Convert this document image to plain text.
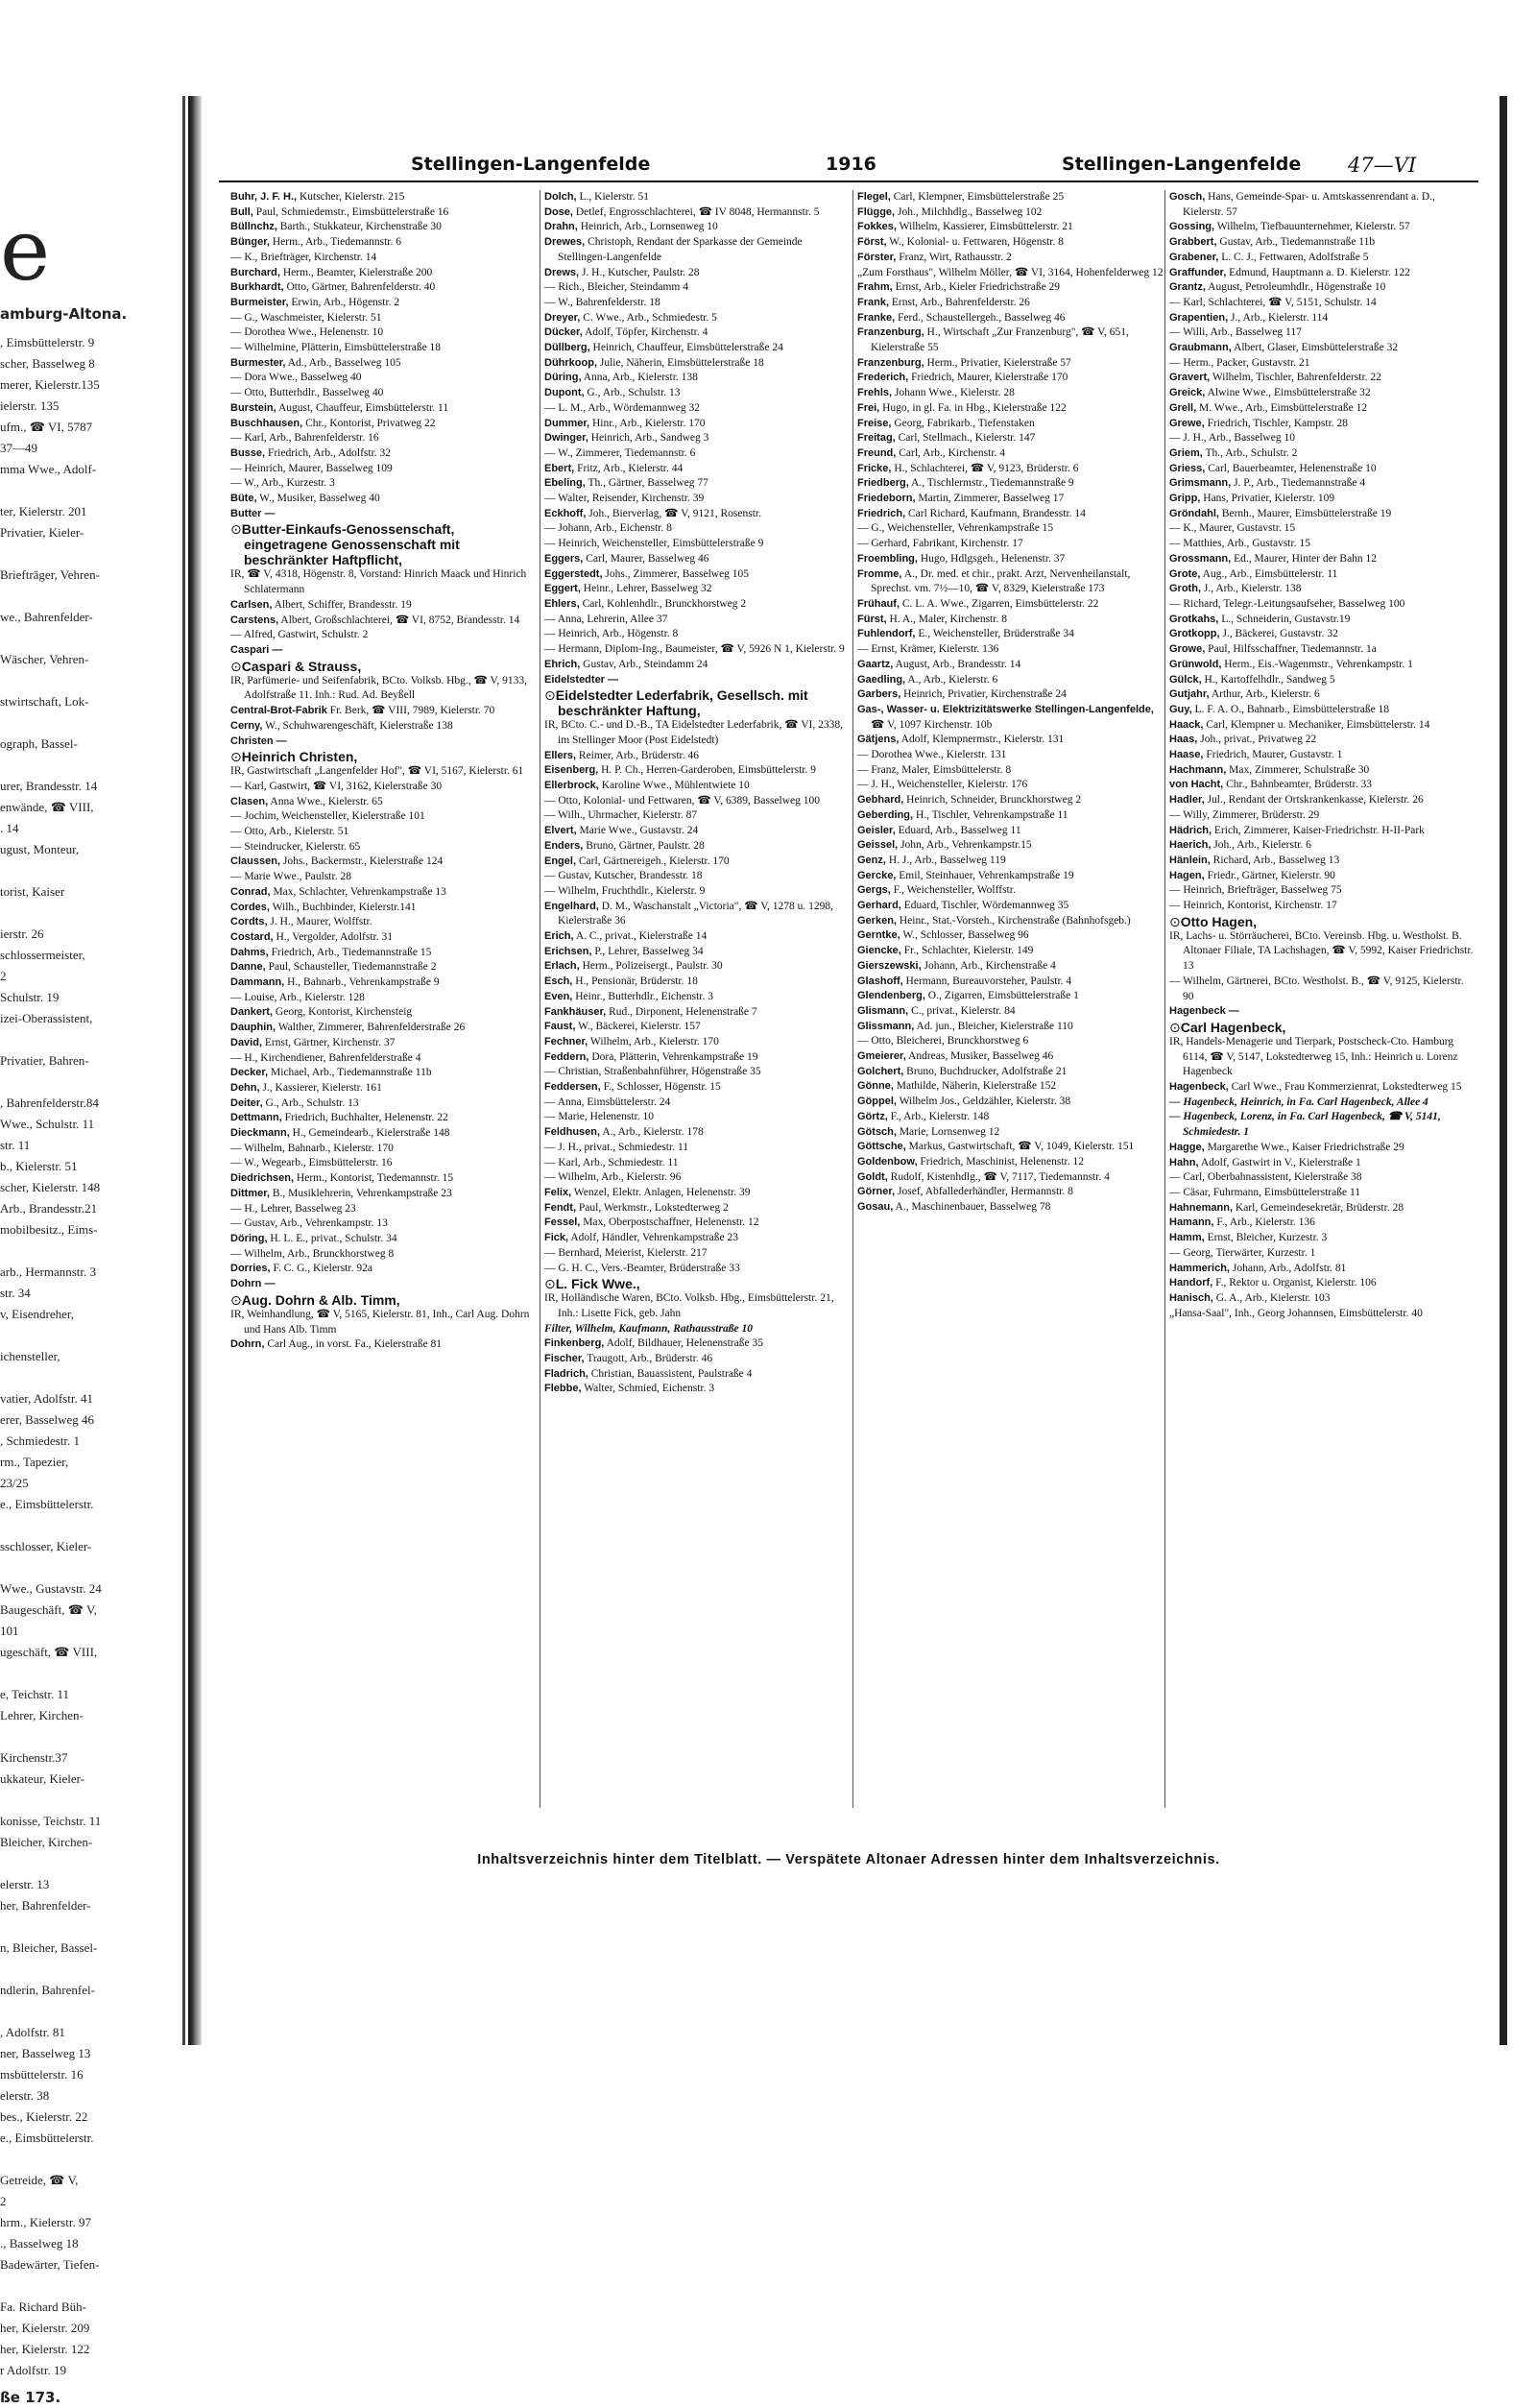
e
amburg-Altona.
, Eimsbüttelerstr. 9
scher, Basselweg 8
merer, Kielerstr.135
ielerstr. 135
ufm., ☎ VI, 5787
37—49
mma Wwe., Adolf-

ter, Kielerstr. 201
Privatier, Kieler-

Briefträger, Vehren-

we., Bahrenfelder-

Wäscher, Vehren-

stwirtschaft, Lok-

ograph, Bassel-

urer, Brandesstr. 14
enwände, ☎ VIII,
. 14
ugust, Monteur,

torist, Kaiser

ierstr. 26
schlossermeister,
2
Schulstr. 19
izei-Oberassistent,

Privatier, Bahren-

, Bahrenfelderstr.84
Wwe., Schulstr. 11
str. 11
b., Kielerstr. 51
scher, Kielerstr. 148
Arb., Brandesstr.21
mobilbesitz., Eims-

arb., Hermannstr. 3
str. 34
v, Eisendreher,

ichensteller,

vatier, Adolfstr. 41
erer, Basselweg 46
, Schmiedestr. 1
rm., Tapezier,
23/25
e., Eimsbüttelerstr.

sschlosser, Kieler-

Wwe., Gustavstr. 24
Baugeschäft, ☎ V,
101
ugeschäft, ☎ VIII,

e, Teichstr. 11
Lehrer, Kirchen-

Kirchenstr.37
ukkateur, Kieler-

konisse, Teichstr. 11
Bleicher, Kirchen-

elerstr. 13
her, Bahrenfelder-

n, Bleicher, Bassel-

ndlerin, Bahrenfel-

, Adolfstr. 81
ner, Basselweg 13
msbüttelerstr. 16
elerstr. 38
bes., Kielerstr. 22
e., Eimsbüttelerstr.

Getreide, ☎ V,
2
hrm., Kielerstr. 97
., Basselweg 18
Badewärter, Tiefen-

Fa. Richard Büh-
her, Kielerstr. 209
her, Kielerstr. 122
r Adolfstr. 19
ße 173.
Stellingen-Langenfelde	1916	Stellingen-Langenfelde 47—VI
Buhr, J. F. H., Kutscher, Kielerstr. 215
Bull, Paul, Schmiedemstr., Eimsbüttelerstraße 16
Büllnchz, Barth., Stukkateur, Kirchenstraße 30
Bünger, Herm., Arb., Tiedemannstr. 6
— K., Briefträger, Kirchenstr. 14
Burchard, Herm., Beamter, Kielerstraße 200
Burkhardt, Otto, Gärtner, Bahrenfelderstr. 40
Burmeister, Erwin, Arb., Högenstr. 2
— G., Waschmeister, Kielerstr. 51
— Dorothea Wwe., Helenenstr. 10
— Wilhelmine, Plätterin, Eimsbüttelerstraße 18
Burmester, Ad., Arb., Basselweg 105
— Dora Wwe., Basselweg 40
— Otto, Butterhdlr., Basselweg 40
Burstein, August, Chauffeur, Eimsbüttelerstr. 11
Buschhausen, Chr., Kontorist, Privatweg 22
— Karl, Arb., Bahrenfelderstr. 16
Busse, Friedrich, Arb., Adolfstr. 32
— Heinrich, Maurer, Basselweg 109
— W., Arb., Kurzestr. 3
Büte, W., Musiker, Basselweg 40
Butter —
⊙ Butter-Einkaufs-Genossenschaft, eingetragene Genossenschaft mit beschränkter Haftpflicht,
IR, ☎ V, 4318, Högenstr. 8, Vorstand: Hinrich Maack und Hinrich Schlatermann
Carlsen, Albert, Schiffer, Brandesstr. 19
Carstens, Albert, Großschlachterei, ☎ VI, 8752, Brandesstr. 14
— Alfred, Gastwirt, Schulstr. 2
Caspari —
⊙ Caspari & Strauss,
IR, Parfümerie- und Seifenfabrik, BCto. Volksb. Hbg., ☎ V, 9133, Adolfstraße 11. Inh.: Rud. Ad. Beyßell
Central-Brot-Fabrik Fr. Berk, ☎ VIII, 7989, Kielerstr. 70
Cerny, W., Schuhwarengeschäft, Kielerstraße 138
Christen —
⊙ Heinrich Christen,
IR, Gastwirtschaft „Langenfelder Hof", ☎ VI, 5167, Kielerstr. 61
— Karl, Gastwirt, ☎ VI, 3162, Kielerstraße 30
Clasen, Anna Wwe., Kielerstr. 65
— Jochim, Weichensteller, Kielerstraße 101
— Otto, Arb., Kielerstr. 51
— Steindrucker, Kielerstr. 65
Claussen, Johs., Backermstr., Kielerstraße 124
— Marie Wwe., Paulstr. 28
Conrad, Max, Schlachter, Vehrenkampstraße 13
Cordes, Wilh., Buchbinder, Kielerstr.141
Cordts, J. H., Maurer, Wolffstr.
Costard, H., Vergolder, Adolfstr. 31
Dahms, Friedrich, Arb., Tiedemannstraße 15
Danne, Paul, Schausteller, Tiedemannstraße 2
Dammann, H., Bahnarb., Vehrenkampstraße 9
— Louise, Arb., Kielerstr. 128
Dankert, Georg, Kontorist, Kirchensteig
Dauphin, Walther, Zimmerer, Bahrenfelderstraße 26
David, Ernst, Gärtner, Kirchenstr. 37
— H., Kirchendiener, Bahrenfelderstraße 4
Decker, Michael, Arb., Tiedemannstraße 11b
Dehn, J., Kassierer, Kielerstr. 161
Deiter, G., Arb., Schulstr. 13
Dettmann, Friedrich, Buchhalter, Helenenstr. 22
Dieckmann, H., Gemeindearb., Kielerstraße 148
— Wilhelm, Bahnarb., Kielerstr. 170
— W., Wegearb., Eimsbüttelerstr. 16
Diedrichsen, Herm., Kontorist, Tiedemannstr. 15
Dittmer, B., Musiklehrerin, Vehrenkampstraße 23
— H., Lehrer, Basselweg 23
— Gustav, Arb., Vehrenkampstr. 13
Döring, H. L. E., privat., Schulstr. 34
— Wilhelm, Arb., Brunckhorstweg 8
Dorries, F. C. G., Kielerstr. 92a
Dohrn —
⊙ Aug. Dohrn & Alb. Timm,
IR, Weinhandlung, ☎ V, 5165, Kielerstr. 81, Inh., Carl Aug. Dohrn und Hans Alb. Timm
Dohrn, Carl Aug., in vorst. Fa., Kielerstraße 81
Dolch, L., Kielerstr. 51
Dose, Detlef, Engrosschlachterei, ☎ IV 8048, Hermannstr. 5
Drahn, Heinrich, Arb., Lornsenweg 10
Drewes, Christoph, Rendant der Sparkasse der Gemeinde Stellingen-Langenfelde
Drews, J. H., Kutscher, Paulstr. 28
— Rich., Bleicher, Steindamm 4
— W., Bahrenfelderstr. 18
Dreyer, C. Wwe., Arb., Schmiedestr. 5
Dücker, Adolf, Töpfer, Kirchenstr. 4
Düllberg, Heinrich, Chauffeur, Eimsbüttelerstraße 24
Dührkoop, Julie, Näherin, Eimsbüttelerstraße 18
Düring, Anna, Arb., Kielerstr. 138
Dupont, G., Arb., Schulstr. 13
— L. M., Arb., Wördemannweg 32
Dummer, Hinr., Arb., Kielerstr. 170
Dwinger, Heinrich, Arb., Sandweg 3
— W., Zimmerer, Tiedemannstr. 6
Ebert, Fritz, Arb., Kielerstr. 44
Ebeling, Th., Gärtner, Basselweg 77
— Walter, Reisender, Kirchenstr. 39
Eckhoff, Joh., Bierverlag, ☎ V, 9121, Rosenstr.
— Johann, Arb., Eichenstr. 8
— Heinrich, Weichensteller, Eimsbüttelerstraße 9
Eggers, Carl, Maurer, Basselweg 46
Eggerstedt, Johs., Zimmerer, Basselweg 105
Eggert, Heinr., Lehrer, Basselweg 32
Ehlers, Carl, Kohlenhdlr., Brunckhorstweg 2
— Anna, Lehrerin, Allee 37
— Heinrich, Arb., Högenstr. 8
— Hermann, Diplom-Ing., Baumeister, ☎ V, 5926 N 1, Kielerstr. 9
Ehrich, Gustav, Arb., Steindamm 24
Eidelstedter —
⊙ Eidelstedter Lederfabrik, Gesellsch. mit beschränkter Haftung,
IR, BCto. C.- und D.-B., TA Eidelstedter Lederfabrik, ☎ VI, 2338, im Stellinger Moor (Post Eidelstedt)
Ellers, Reimer, Arb., Brüderstr. 46
Eisenberg, H. P. Ch., Herren-Garderoben, Eimsbüttelerstr. 9
Ellerbrock, Karoline Wwe., Mühlentwiete 10
— Otto, Kolonial- und Fettwaren, ☎ V, 6389, Basselweg 100
— Wilh., Uhrmacher, Kielerstr. 87
Elvert, Marie Wwe., Gustavstr. 24
Enders, Bruno, Gärtner, Paulstr. 28
Engel, Carl, Gärtnereigeh., Kielerstr. 170
— Gustav, Kutscher, Brandesstr. 18
— Wilhelm, Fruchthdlr., Kielerstr. 9
Engelhard, D. M., Waschanstalt „Victoria", ☎ V, 1278 u. 1298, Kielerstraße 36
Erich, A. C., privat., Kielerstraße 14
Erichsen, P., Lehrer, Basselweg 34
Erlach, Herm., Polizeisergt., Paulstr. 30
Esch, H., Pensionär, Brüderstr. 18
Even, Heinr., Butterhdlr., Eichenstr. 3
Fankhäuser, Rud., Dirponent, Helenenstraße 7
Faust, W., Bäckerei, Kielerstr. 157
Fechner, Wilhelm, Arb., Kielerstr. 170
Feddern, Dora, Plätterin, Vehrenkampstraße 19
— Christian, Straßenbahnführer, Högenstraße 35
Feddersen, F., Schlosser, Högenstr. 15
— Anna, Eimsbüttelerstr. 24
— Marie, Helenenstr. 10
Feldhusen, A., Arb., Kielerstr. 178
— J. H., privat., Schmiedestr. 11
— Karl, Arb., Schmiedestr. 11
— Wilhelm, Arb., Kielerstr. 96
Felix, Wenzel, Elektr. Anlagen, Helenenstr. 39
Fendt, Paul, Werkmstr., Lokstedterweg 2
Fessel, Max, Oberpostschaffner, Helenenstr. 12
Fick, Adolf, Händler, Vehrenkampstraße 23
— Bernhard, Meierist, Kielerstr. 217
— G. H. C., Vers.-Beamter, Brüderstraße 33
⊙ L. Fick Wwe.,
IR, Holländische Waren, BCto. Volksb. Hbg., Eimsbüttelerstr. 21, Inh.: Lisette Fick, geb. Jahn
Filter, Wilhelm, Kaufmann, Rathausstraße 10
Finkenberg, Adolf, Bildhauer, Helenenstraße 35
Fischer, Traugott, Arb., Brüderstr. 46
Fladrich, Christian, Bauassistent, Paulstraße 4
Flebbe, Walter, Schmied, Eichenstr. 3
Flegel, Carl, Klempner, Eimsbüttelerstraße 25
Flügge, Joh., Milchhdlg., Basselweg 102
Fokkes, Wilhelm, Kassierer, Eimsbüttelerstr. 21
Först, W., Kolonial- u. Fettwaren, Högenstr. 8
Förster, Franz, Wirt, Rathausstr. 2
„Zum Forsthaus", Wilhelm Möller, ☎ VI, 3164, Hohenfelderweg 12
Frahm, Ernst, Arb., Kieler Friedrichstraße 29
Frank, Ernst, Arb., Bahrenfelderstr. 26
Franke, Ferd., Schaustellergeh., Basselweg 46
Franzenburg, H., Wirtschaft „Zur Franzenburg", ☎ V, 651, Kielerstraße 55
Franzenburg, Herm., Privatier, Kielerstraße 57
Frederich, Friedrich, Maurer, Kielerstraße 170
Frehls, Johann Wwe., Kielerstr. 28
Frei, Hugo, in gl. Fa. in Hbg., Kielerstraße 122
Freise, Georg, Fabrikarb., Tiefenstaken
Freitag, Carl, Stellmach., Kielerstr. 147
Freund, Carl, Arb., Kirchenstr. 4
Fricke, H., Schlachterei, ☎ V, 9123, Brüderstr. 6
Friedberg, A., Tischlermstr., Tiedemannstraße 9
Friedeborn, Martin, Zimmerer, Basselweg 17
Friedrich, Carl Richard, Kaufmann, Brandesstr. 14
— G., Weichensteller, Vehrenkampstraße 15
— Gerhard, Fabrikant, Kirchenstr. 17
Froembling, Hugo, Hdlgsgeh., Helenenstr. 37
Fromme, A., Dr. med. et chir., prakt. Arzt, Nervenheilanstalt, Sprechst. vm. 7½—10, ☎ V, 8329, Kielerstraße 173
Frühauf, C. L. A. Wwe., Zigarren, Eimsbüttelerstr. 22
Fürst, H. A., Maler, Kirchenstr. 8
Fuhlendorf, E., Weichensteller, Brüderstraße 34
— Ernst, Krämer, Kielerstr. 136
Gaartz, August, Arb., Brandesstr. 14
Gaedling, A., Arb., Kielerstr. 6
Garbers, Heinrich, Privatier, Kirchenstraße 24
Gas-, Wasser- u. Elektrizitätswerke Stellingen-Langenfelde, ☎ V, 1097 Kirchenstr. 10b
Gätjens, Adolf, Klempnermstr., Kielerstr. 131
— Dorothea Wwe., Kielerstr. 131
— Franz, Maler, Eimsbüttelerstr. 8
— J. H., Weichensteller, Kielerstr. 176
Gebhard, Heinrich, Schneider, Brunckhorstweg 2
Geberding, H., Tischler, Vehrenkampstraße 11
Geisler, Eduard, Arb., Basselweg 11
Geissel, John, Arb., Vehrenkampstr.15
Genz, H. J., Arb., Basselweg 119
Gercke, Emil, Steinhauer, Vehrenkampstraße 19
Gergs, F., Weichensteller, Wolffstr.
Gerhard, Eduard, Tischler, Wördemannweg 35
Gerken, Heinr., Stat.-Vorsteh., Kirchenstraße (Bahnhofsgeb.)
Gerntke, W., Schlosser, Basselweg 96
Giencke, Fr., Schlachter, Kielerstr. 149
Gierszewski, Johann, Arb., Kirchenstraße 4
Glashoff, Hermann, Bureauvorsteher, Paulstr. 4
Glendenberg, O., Zigarren, Eimsbüttelerstraße 1
Glismann, C., privat., Kielerstr. 84
Glissmann, Ad. jun., Bleicher, Kielerstraße 110
— Otto, Bleicherei, Brunckhorstweg 6
Gmeierer, Andreas, Musiker, Basselweg 46
Golchert, Bruno, Buchdrucker, Adolfstraße 21
Gönne, Mathilde, Näherin, Kielerstraße 152
Göppel, Wilhelm Jos., Geldzähler, Kielerstr. 38
Görtz, F., Arb., Kielerstr. 148
Götsch, Marie, Lornsenweg 12
Göttsche, Markus, Gastwirtschaft, ☎ V, 1049, Kielerstr. 151
Goldenbow, Friedrich, Maschinist, Helenenstr. 12
Goldt, Rudolf, Kistenhdlg., ☎ V, 7117, Tiedemannstr. 4
Görner, Josef, Abfallederhändler, Hermannstr. 8
Gosau, A., Maschinenbauer, Basselweg 78
Gosch, Hans, Gemeinde-Spar- u. Amtskassenrendant a. D., Kielerstr. 57
Gossing, Wilhelm, Tiefbauunternehmer, Kielerstr. 57
Grabbert, Gustav, Arb., Tiedemannstraße 11b
Grabener, L. C. J., Fettwaren, Adolfstraße 5
Graffunder, Edmund, Hauptmann a. D. Kielerstr. 122
Grantz, August, Petroleumhdlr., Högenstraße 10
— Karl, Schlachterei, ☎ V, 5151, Schulstr. 14
Grapentien, J., Arb., Kielerstr. 114
— Willi, Arb., Basselweg 117
Graubmann, Albert, Glaser, Eimsbüttelerstraße 32
— Herm., Packer, Gustavstr. 21
Gravert, Wilhelm, Tischler, Bahrenfelderstr. 22
Greick, Alwine Wwe., Eimsbüttelerstraße 32
Grell, M. Wwe., Arb., Eimsbüttelerstraße 12
Grewe, Friedrich, Tischler, Kampstr. 28
— J. H., Arb., Basselweg 10
Griem, Th., Arb., Schulstr. 2
Griess, Carl, Bauerbeamter, Helenenstraße 10
Grimsmann, J. P., Arb., Tiedemannstraße 4
Gripp, Hans, Privatier, Kielerstr. 109
Gröndahl, Bernh., Maurer, Eimsbüttelerstraße 19
— K., Maurer, Gustavstr. 15
— Matthies, Arb., Gustavstr. 15
Grossmann, Ed., Maurer, Hinter der Bahn 12
Grote, Aug., Arb., Eimsbüttelerstr. 11
Groth, J., Arb., Kielerstr. 138
— Richard, Telegr.-Leitungsaufseher, Basselweg 100
Grotkahs, L., Schneiderin, Gustavstr.19
Grotkopp, J., Bäckerei, Gustavstr. 32
Growe, Paul, Hilfsschaffner, Tiedemannstr. 1a
Grünwold, Herm., Eis.-Wagenmstr., Vehrenkampstr. 1
Gülck, H., Kartoffelhdlr., Sandweg 5
Gutjahr, Arthur, Arb., Kielerstr. 6
Guy, L. F. A. O., Bahnarb., Eimsbüttelerstraße 18
Haack, Carl, Klempner u. Mechaniker, Eimsbüttelerstr. 14
Haas, Joh., privat., Privatweg 22
Haase, Friedrich, Maurer, Gustavstr. 1
Hachmann, Max, Zimmerer, Schulstraße 30
von Hacht, Chr., Bahnbeamter, Brüderstr. 33
Hadler, Jul., Rendant der Ortskrankenkasse, Kielerstr. 26
— Willy, Zimmerer, Brüderstr. 29
Hädrich, Erich, Zimmerer, Kaiser-Friedrichstr. H-II-Park
Haerich, Joh., Arb., Kielerstr. 6
Hänlein, Richard, Arb., Basselweg 13
Hagen, Friedr., Gärtner, Kielerstr. 90
— Heinrich, Briefträger, Basselweg 75
— Heinrich, Kontorist, Kirchenstr. 17
⊙ Otto Hagen,
IR, Lachs- u. Störräucherei, BCto. Vereinsb. Hbg. u. Westholst. B. Altonaer Filiale, TA Lachshagen, ☎ V, 5992, Kaiser Friedrichstr. 13
— Wilhelm, Gärtnerei, BCto. Westholst. B., ☎ V, 9125, Kielerstr. 90
Hagenbeck —
⊙ Carl Hagenbeck,
IR, Handels-Menagerie und Tierpark, Postscheck-Cto. Hamburg 6114, ☎ V, 5147, Lokstedterweg 15, Inh.: Heinrich u. Lorenz Hagenbeck
Hagenbeck, Carl Wwe., Frau Kommerzienrat, Lokstedterweg 15
— Hagenbeck, Heinrich, in Fa. Carl Hagenbeck, Allee 4
— Hagenbeck, Lorenz, in Fa. Carl Hagenbeck, ☎ V, 5141, Schmiedestr. 1
Hagge, Margarethe Wwe., Kaiser Friedrichstraße 29
Hahn, Adolf, Gastwirt in V., Kielerstraße 1
— Carl, Oberbahnassistent, Kielerstraße 38
— Cäsar, Fuhrmann, Eimsbüttelerstraße 11
Hahnemann, Karl, Gemeindesekretär, Brüderstr. 28
Hamann, F., Arb., Kielerstr. 136
Hamm, Ernst, Bleicher, Kurzestr. 3
— Georg, Tierwärter, Kurzestr. 1
Hammerich, Johann, Arb., Adolfstr. 81
Handorf, F., Rektor u. Organist, Kielerstr. 106
Hanisch, G. A., Arb., Kielerstr. 103
„Hansa-Saal", Inh., Georg Johannsen, Eimsbüttelerstr. 40
Inhaltsverzeichnis hinter dem Titelblatt. — Verspätete Altonaer Adressen hinter dem Inhaltsverzeichnis.
